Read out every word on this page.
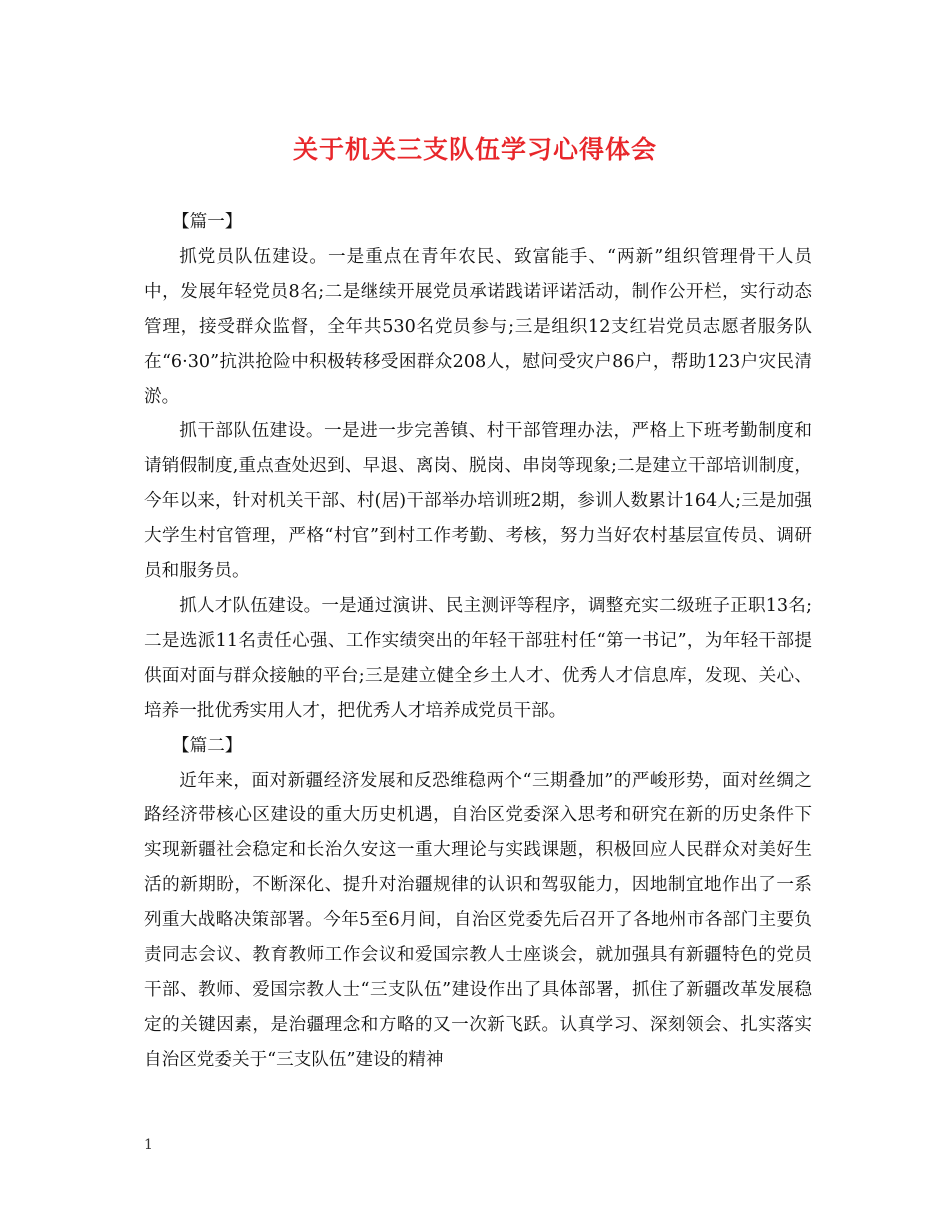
关于机关三支队伍学习心得体会

【篇一】

抓党员队伍建设。一是重点在青年农民、致富能手、“两新”组织管理骨干人员中，发展年轻党员8名;二是继续开展党员承诺践诺评诺活动，制作公开栏，实行动态管理，接受群众监督，全年共530名党员参与;三是组织12支红岩党员志愿者服务队在“6·30”抗洪抢险中积极转移受困群众208人，慰问受灾户86户，帮助123户灾民清淤。

抓干部队伍建设。一是进一步完善镇、村干部管理办法，严格上下班考勤制度和请销假制度,重点查处迟到、早退、离岗、脱岗、串岗等现象;二是建立干部培训制度，今年以来，针对机关干部、村(居)干部举办培训班2期，参训人数累计164人;三是加强大学生村官管理，严格“村官”到村工作考勤、考核，努力当好农村基层宣传员、调研员和服务员。

抓人才队伍建设。一是通过演讲、民主测评等程序，调整充实二级班子正职13名;二是选派11名责任心强、工作实绩突出的年轻干部驻村任“第一书记”，为年轻干部提供面对面与群众接触的平台;三是建立健全乡土人才、优秀人才信息库，发现、关心、培养一批优秀实用人才，把优秀人才培养成党员干部。

【篇二】

近年来，面对新疆经济发展和反恐维稳两个“三期叠加”的严峻形势，面对丝绸之路经济带核心区建设的重大历史机遇，自治区党委深入思考和研究在新的历史条件下实现新疆社会稳定和长治久安这一重大理论与实践课题，积极回应人民群众对美好生活的新期盼，不断深化、提升对治疆规律的认识和驾驭能力，因地制宜地作出了一系列重大战略决策部署。今年5至6月间，自治区党委先后召开了各地州市各部门主要负责同志会议、教育教师工作会议和爱国宗教人士座谈会，就加强具有新疆特色的党员干部、教师、爱国宗教人士“三支队伍”建设作出了具体部署，抓住了新疆改革发展稳定的关键因素，是治疆理念和方略的又一次新飞跃。认真学习、深刻领会、扎实落实自治区党委关于“三支队伍”建设的精神

1
